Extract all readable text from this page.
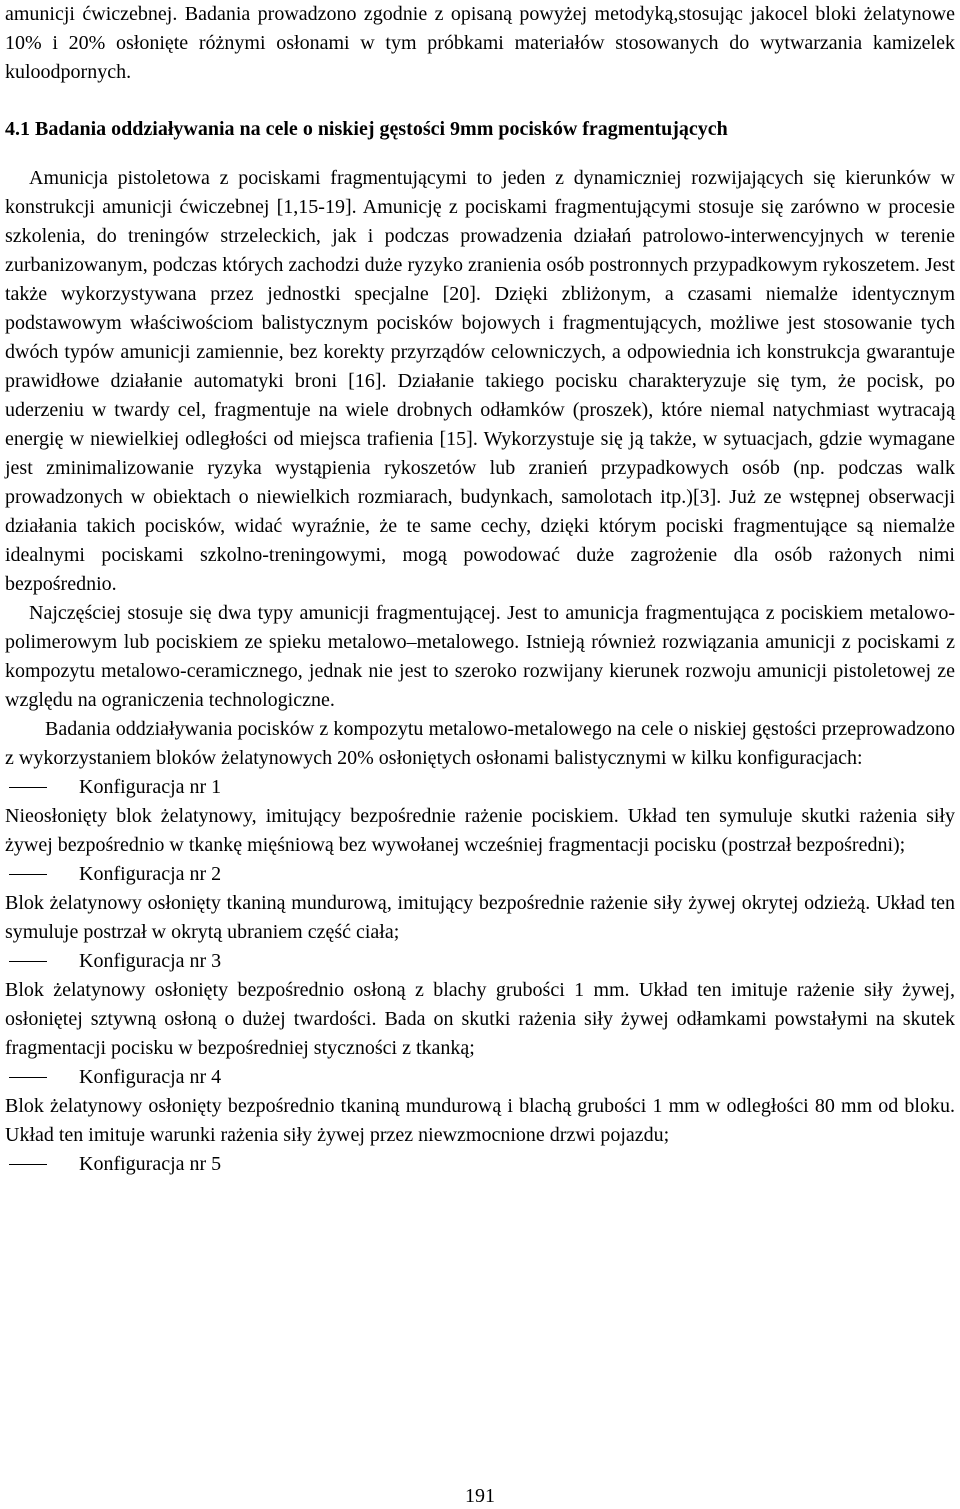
amunicji ćwiczebnej. Badania prowadzono zgodnie z opisaną powyżej metodyką,stosując jakocel bloki żelatynowe 10% i 20% osłonięte różnymi osłonami w tym próbkami materiałów stosowanych do wytwarzania kamizelek kuloodpornych.

4.1 Badania oddziaływania na cele o niskiej gęstości 9mm pocisków fragmentujących

Amunicja pistoletowa z pociskami fragmentującymi to jeden z dynamiczniej rozwijających się kierunków w konstrukcji amunicji ćwiczebnej [1,15-19]. Amunicję z pociskami fragmentującymi stosuje się zarówno w procesie szkolenia, do treningów strzeleckich, jak i podczas prowadzenia działań patrolowo-interwencyjnych w terenie zurbanizowanym, podczas których zachodzi duże ryzyko zranienia osób postronnych przypadkowym rykoszetem. Jest także wykorzystywana przez jednostki specjalne [20]. Dzięki zbliżonym, a czasami niemalże identycznym podstawowym właściwościom balistycznym pocisków bojowych i fragmentujących, możliwe jest stosowanie tych dwóch typów amunicji zamiennie, bez korekty przyrządów celowniczych, a odpowiednia ich konstrukcja gwarantuje prawidłowe działanie automatyki broni [16]. Działanie takiego pocisku charakteryzuje się tym, że pocisk, po uderzeniu w twardy cel, fragmentuje na wiele drobnych odłamków (proszek), które niemal natychmiast wytracają energię w niewielkiej odległości od miejsca trafienia [15]. Wykorzystuje się ją także, w sytuacjach, gdzie wymagane jest zminimalizowanie ryzyka wystąpienia rykoszetów lub zranień przypadkowych osób (np. podczas walk prowadzonych w obiektach o niewielkich rozmiarach, budynkach, samolotach itp.)[3]. Już ze wstępnej obserwacji działania takich pocisków, widać wyraźnie, że te same cechy, dzięki którym pociski fragmentujące są niemalże idealnymi pociskami szkolno-treningowymi, mogą powodować duże zagrożenie dla osób rażonych nimi bezpośrednio.

Najczęściej stosuje się dwa typy amunicji fragmentującej. Jest to amunicja fragmentująca z pociskiem metalowo-polimerowym lub pociskiem ze spieku metalowo–metalowego. Istnieją również rozwiązania amunicji z pociskami z kompozytu metalowo-ceramicznego, jednak nie jest to szeroko rozwijany kierunek rozwoju amunicji pistoletowej ze względu na ograniczenia technologiczne.

Badania oddziaływania pocisków z kompozytu metalowo-metalowego na cele o niskiej gęstości przeprowadzono z wykorzystaniem bloków żelatynowych 20% osłoniętych osłonami balistycznymi w kilku konfiguracjach:

Konfiguracja nr 1

Nieosłonięty blok żelatynowy, imitujący bezpośrednie rażenie pociskiem. Układ ten symuluje skutki rażenia siły żywej bezpośrednio w tkankę mięśniową bez wywołanej wcześniej fragmentacji pocisku (postrzał bezpośredni);

Konfiguracja nr 2

Blok żelatynowy osłonięty tkaniną mundurową, imitujący bezpośrednie rażenie siły żywej okrytej odzieżą. Układ ten symuluje postrzał w okrytą ubraniem część ciała;

Konfiguracja nr 3

Blok żelatynowy osłonięty bezpośrednio osłoną z blachy grubości 1 mm. Układ ten imituje rażenie siły żywej, osłoniętej sztywną osłoną o dużej twardości. Bada on skutki rażenia siły żywej odłamkami powstałymi na skutek fragmentacji pocisku w bezpośredniej styczności z tkanką;

Konfiguracja nr 4

Blok żelatynowy osłonięty bezpośrednio tkaniną mundurową i blachą grubości 1 mm w odległości 80 mm od bloku. Układ ten imituje warunki rażenia siły żywej przez niewzmocnione drzwi pojazdu;

Konfiguracja nr 5
191
